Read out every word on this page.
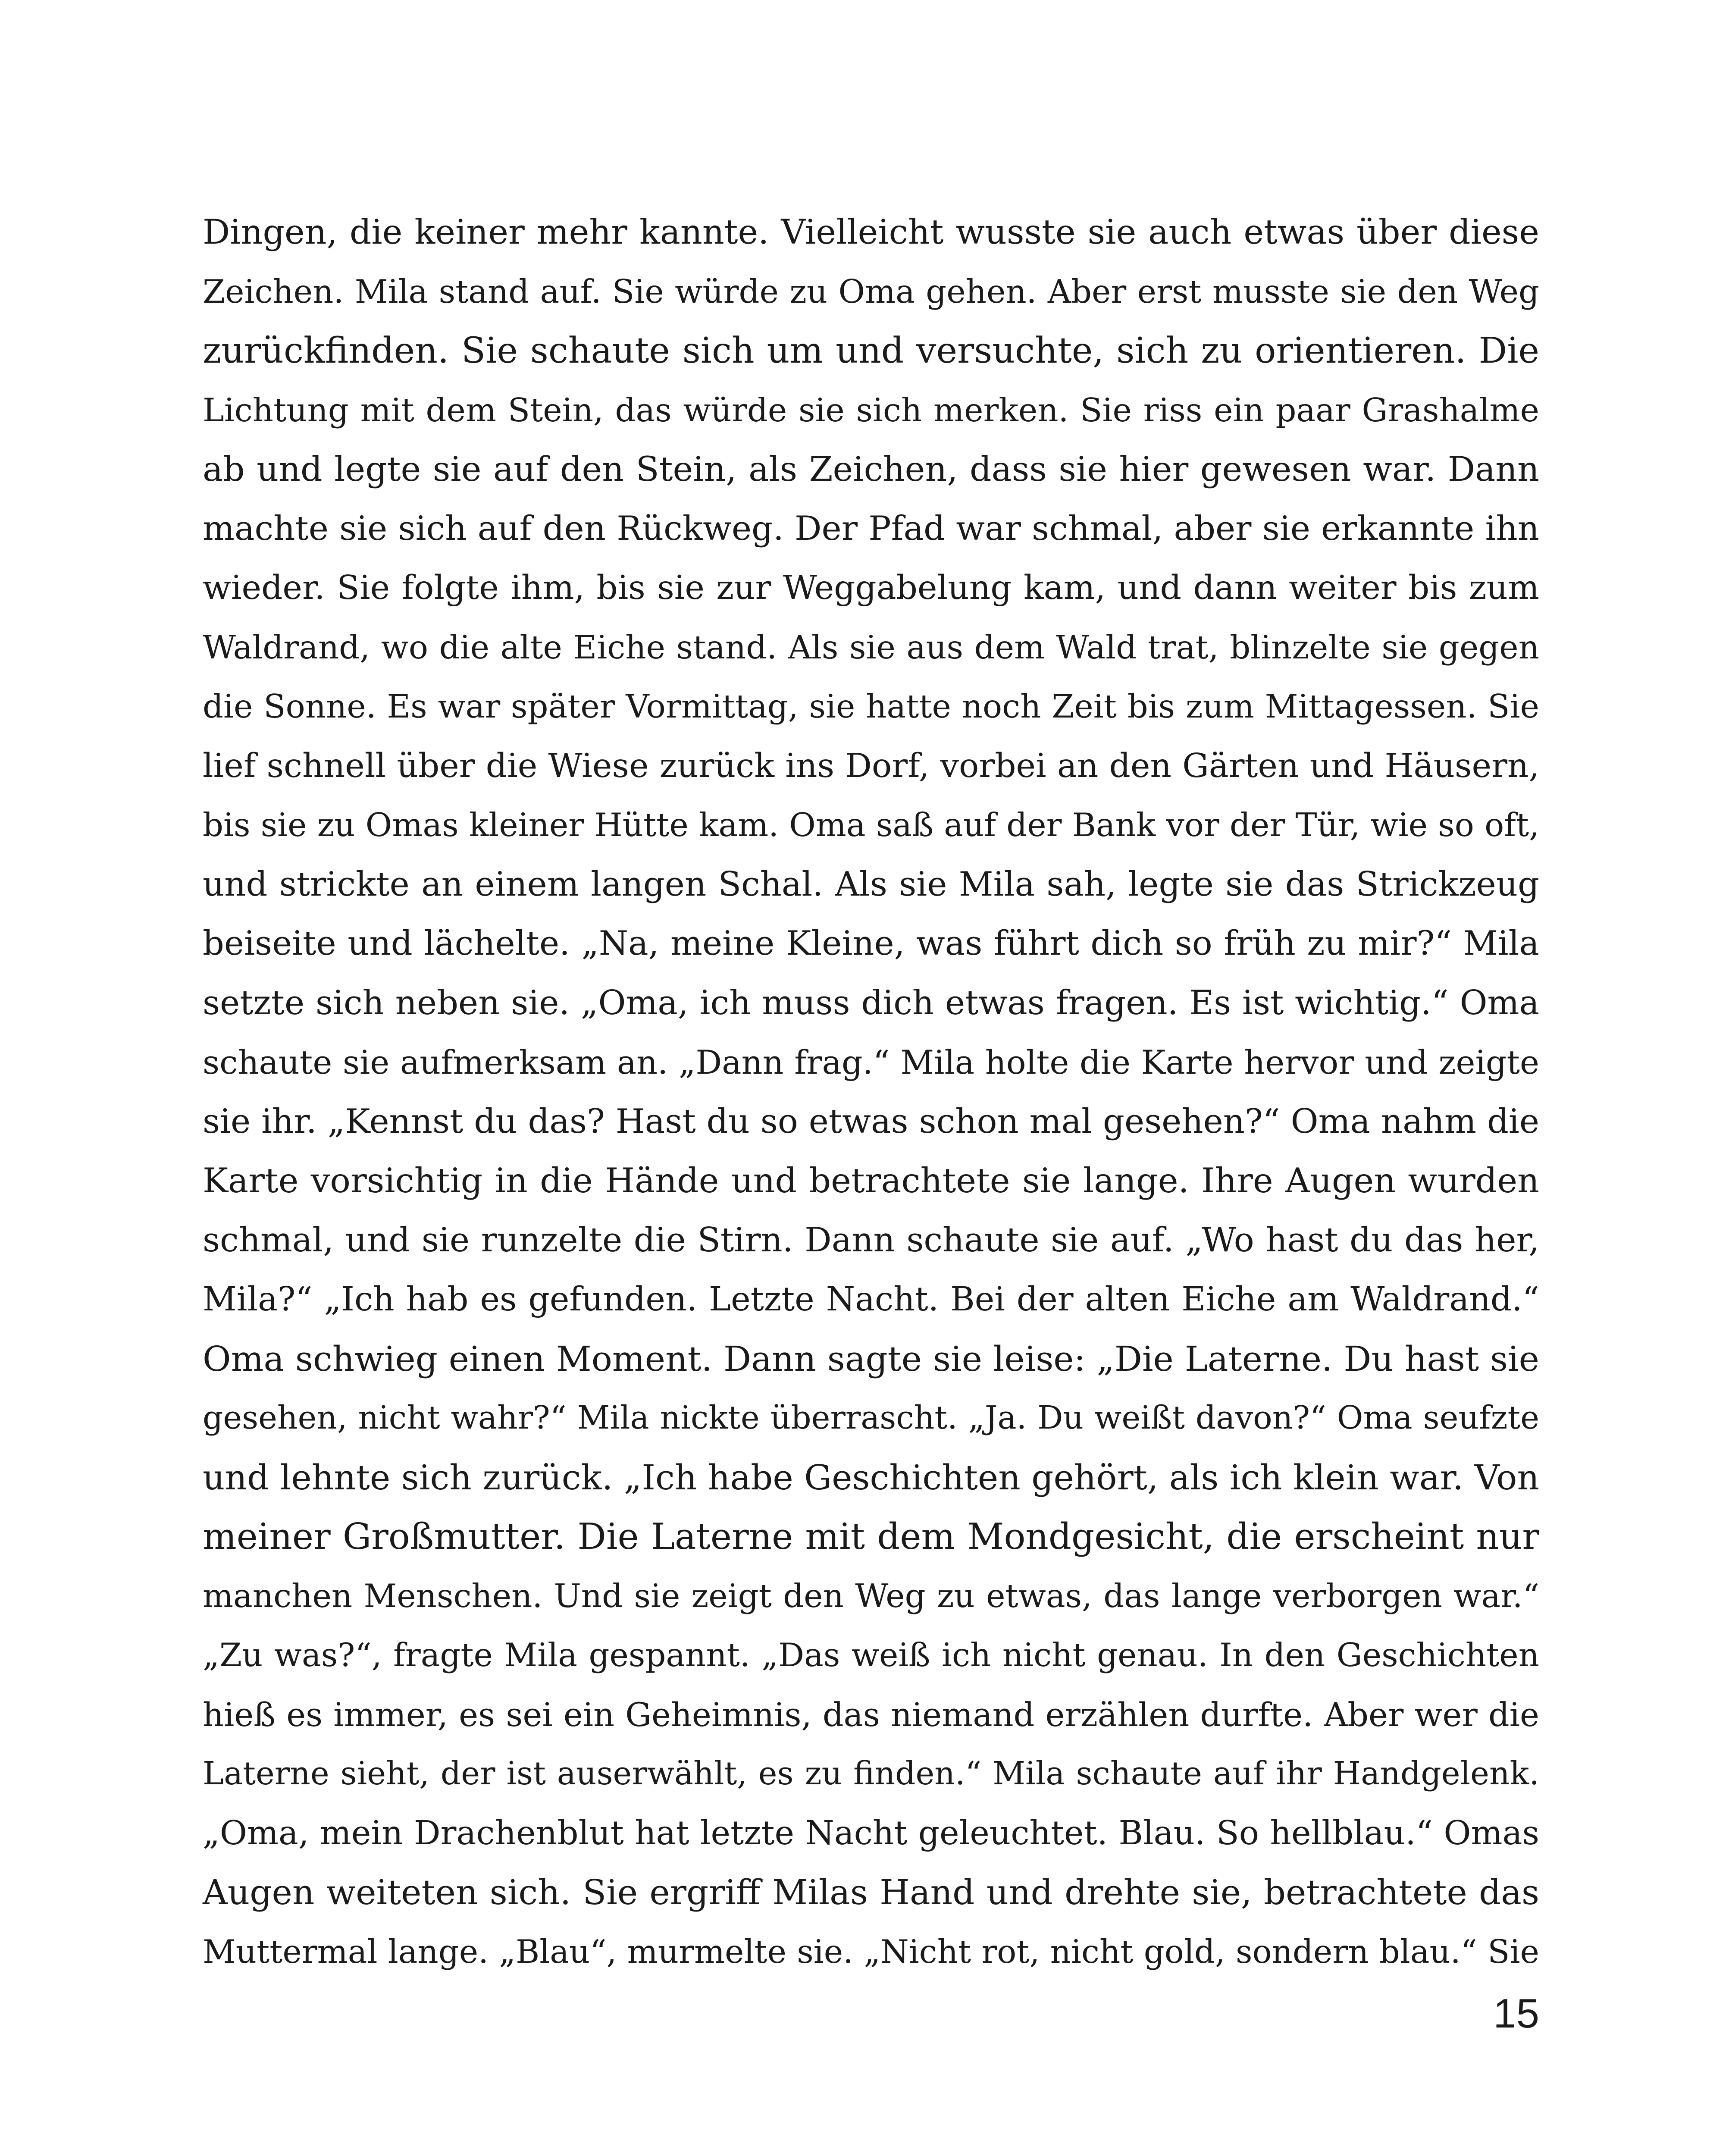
Dingen, die keiner mehr kannte. Vielleicht wusste sie auch etwas über diese
Zeichen. Mila stand auf. Sie würde zu Oma gehen. Aber erst musste sie den Weg
zurückfinden. Sie schaute sich um und versuchte, sich zu orientieren. Die
Lichtung mit dem Stein, das würde sie sich merken. Sie riss ein paar Grashalme
ab und legte sie auf den Stein, als Zeichen, dass sie hier gewesen war. Dann
machte sie sich auf den Rückweg. Der Pfad war schmal, aber sie erkannte ihn
wieder. Sie folgte ihm, bis sie zur Weggabelung kam, und dann weiter bis zum
Waldrand, wo die alte Eiche stand. Als sie aus dem Wald trat, blinzelte sie gegen
die Sonne. Es war später Vormittag, sie hatte noch Zeit bis zum Mittagessen. Sie
lief schnell über die Wiese zurück ins Dorf, vorbei an den Gärten und Häusern,
bis sie zu Omas kleiner Hütte kam. Oma saß auf der Bank vor der Tür, wie so oft,
und strickte an einem langen Schal. Als sie Mila sah, legte sie das Strickzeug
beiseite und lächelte. „Na, meine Kleine, was führt dich so früh zu mir?“ Mila
setzte sich neben sie. „Oma, ich muss dich etwas fragen. Es ist wichtig.“ Oma
schaute sie aufmerksam an. „Dann frag.“ Mila holte die Karte hervor und zeigte
sie ihr. „Kennst du das? Hast du so etwas schon mal gesehen?“ Oma nahm die
Karte vorsichtig in die Hände und betrachtete sie lange. Ihre Augen wurden
schmal, und sie runzelte die Stirn. Dann schaute sie auf. „Wo hast du das her,
Mila?“ „Ich hab es gefunden. Letzte Nacht. Bei der alten Eiche am Waldrand.“
Oma schwieg einen Moment. Dann sagte sie leise: „Die Laterne. Du hast sie
gesehen, nicht wahr?“ Mila nickte überrascht. „Ja. Du weißt davon?“ Oma seufzte
und lehnte sich zurück. „Ich habe Geschichten gehört, als ich klein war. Von
meiner Großmutter. Die Laterne mit dem Mondgesicht, die erscheint nur
manchen Menschen. Und sie zeigt den Weg zu etwas, das lange verborgen war.“
„Zu was?“, fragte Mila gespannt. „Das weiß ich nicht genau. In den Geschichten
hieß es immer, es sei ein Geheimnis, das niemand erzählen durfte. Aber wer die
Laterne sieht, der ist auserwählt, es zu finden.“ Mila schaute auf ihr Handgelenk.
„Oma, mein Drachenblut hat letzte Nacht geleuchtet. Blau. So hellblau.“ Omas
Augen weiteten sich. Sie ergriff Milas Hand und drehte sie, betrachtete das
Muttermal lange. „Blau“, murmelte sie. „Nicht rot, nicht gold, sondern blau.“ Sie
15
